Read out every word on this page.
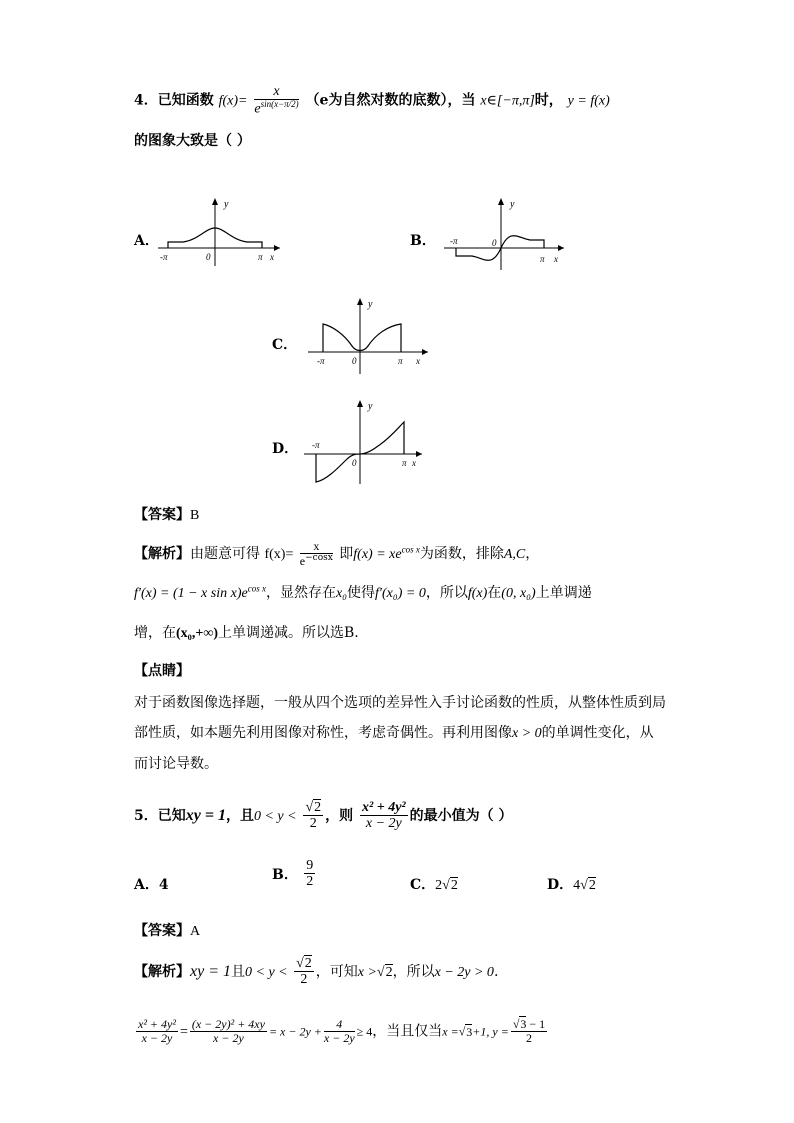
4．已知函数 $f(x)= \frac{x}{e^{sin(x-\pi/2)}} (e$为自然对数的底数），当 x∈[−π,π]时， y = f(x)
的图象大致是（ ）
A．
y
-π	0	π x
B．
y
-π	0
π x
C．
y
-π	0	π x
D．
y
-π
0	π x
【答案】B
【解析】由题意可得 $f(x)= \frac{x}{e^{-cosx}}$ 即$f(x) = xe^{cos x}$为函数，排除A,C，
f′(x) = (1 − x $\sin x)e^{cos x}$，显然存在x₀使得f′(x₀) = 0，所以f(x)在(0, x₀)上单调递
增，在(x₀,+∞)上单调递减。所以选B.
【点睛】
对于函数图像选择题，一般从四个选项的差异性入手讨论函数的性质，从整体性质到局
部性质，如本题先利用图像对称性，考虑奇偶性。再利用图像x > 0的单调性变化，从
而讨论导数。
5．已知xy = 1，且$0 < y < \frac{√2}{2}$ ，则 $\frac{\text{x² + 4y²}}{x - 2y}$ 的最小值为（ ）
A．4
B． $\frac{9}{2}$	C．2√2	D．4√2
【答案】A
【解析】xy = 1且$0 < y < \frac{√2}{2}$ ，可知x >√2，所以x − 2y > 0.
$\frac{\text{x² + 4y²}}{x - 2y} = \frac{\text{(x − 2y)² + 4xy}}{x - 2y} = x - 2y + \frac{4}{x - 2y} \ge 4$，当且仅当x =√3+1, $y = \frac{√3 - 1}{2}$
